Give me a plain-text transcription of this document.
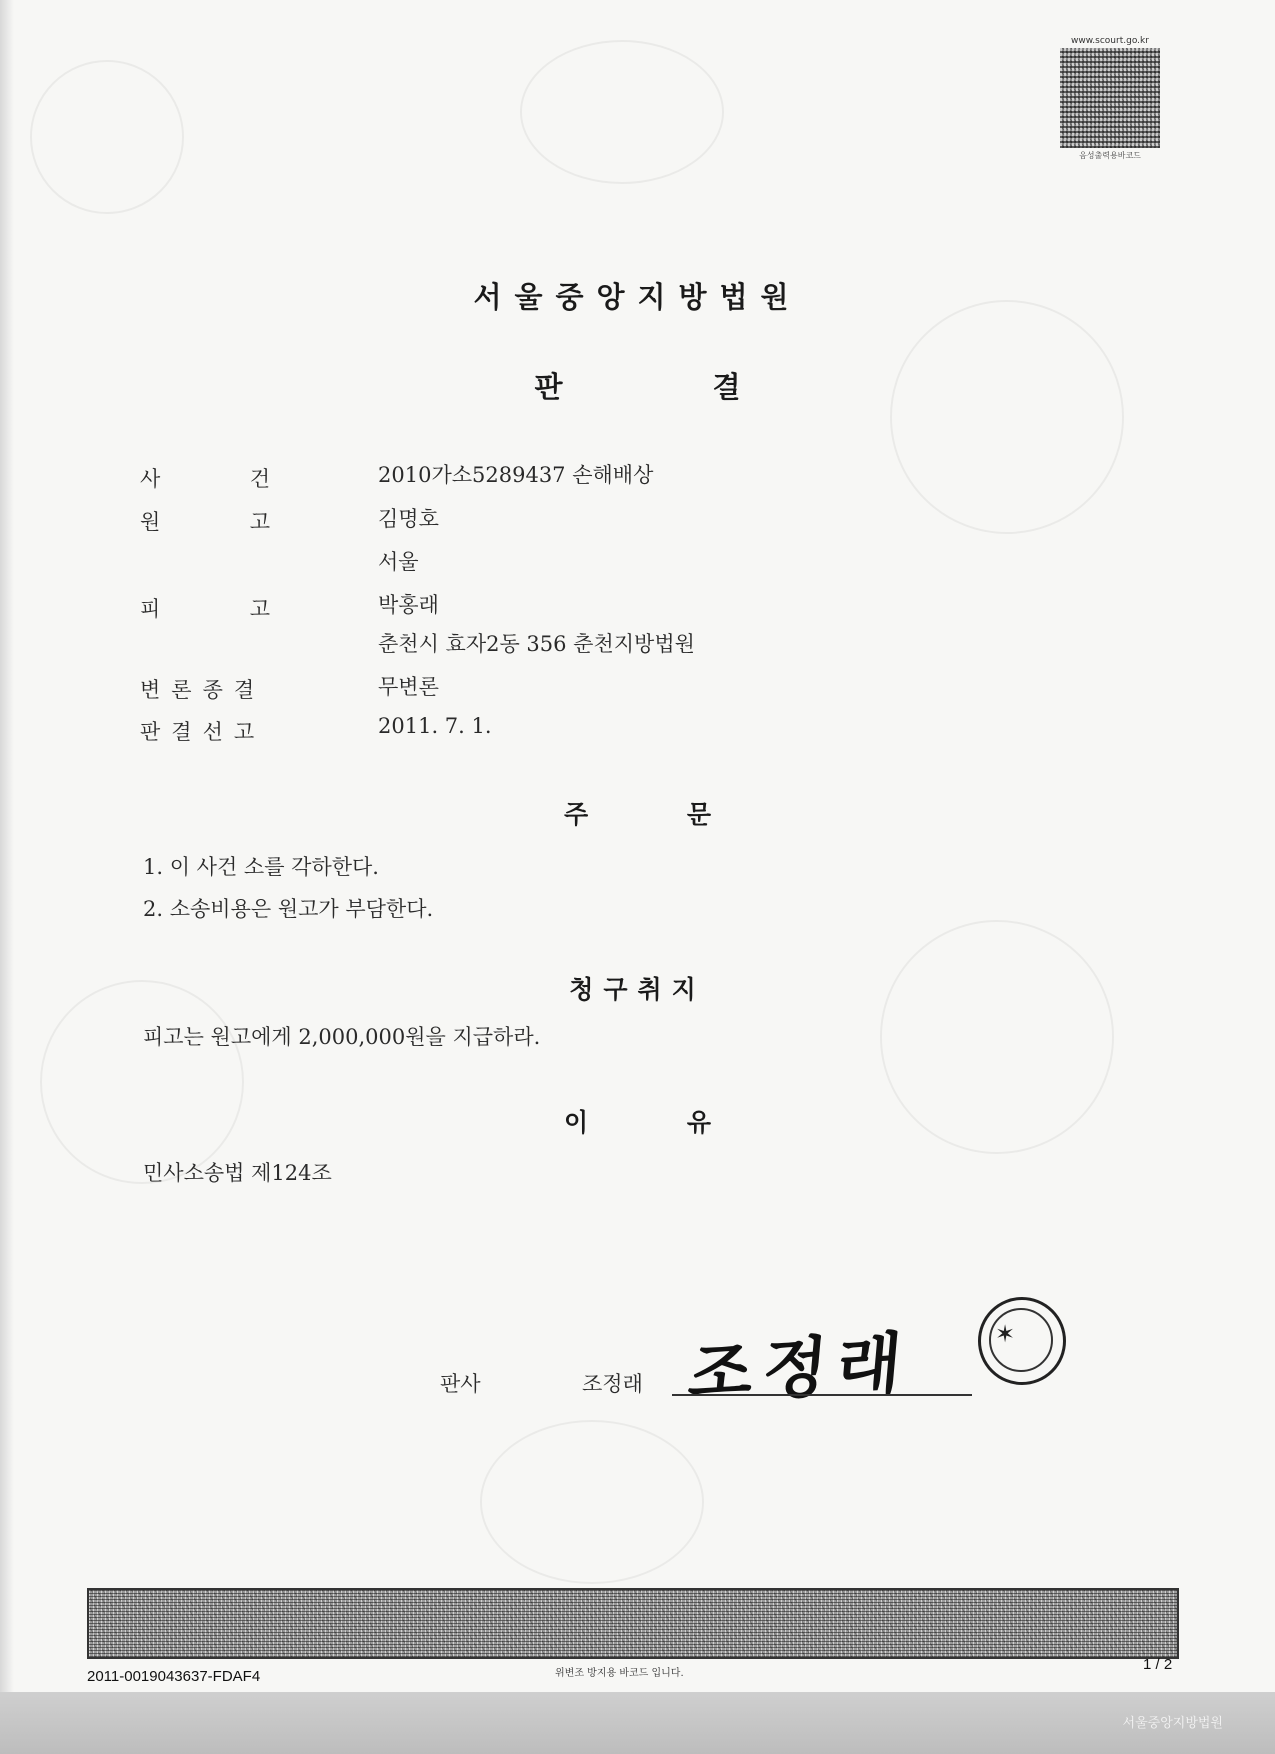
www.scourt.go.kr
음성출력용바코드
서울중앙지방법원
판 결
사	건	2010가소5289437 손해배상
원	고	김명호
서울
피	고	박홍래
춘천시 효자2동 356 춘천지방법원
변론종결	무변론
판결선고	2011. 7. 1.
주 문
1. 이 사건 소를 각하한다.
2. 소송비용은 원고가 부담한다.
청구취지
피고는 원고에게 2,000,000원을 지급하라.
이 유
민사소송법 제124조
판사	조정래 조정래	✶
2011-0019043637-FDAF4	위변조 방지용 바코드 입니다.
1 / 2
서울중앙지방법원
